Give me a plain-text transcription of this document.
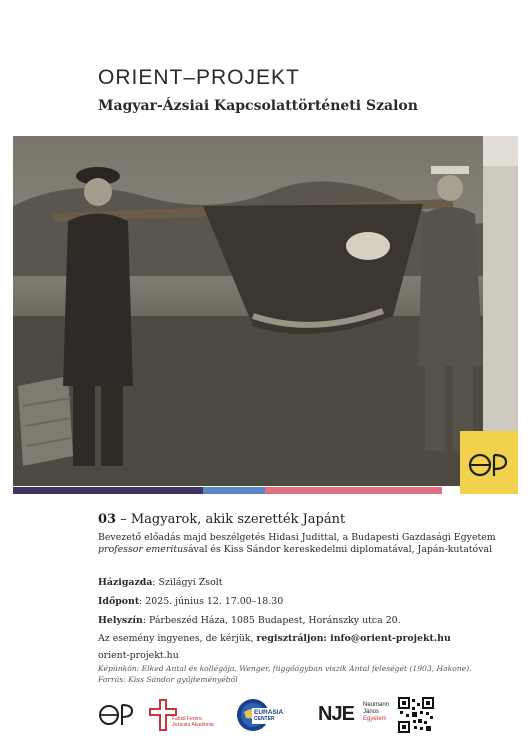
ORIENT–PROJEKT
Magyar-Ázsiai Kapcsolattörténeti Szalon
03 – Magyarok, akik szerették Japánt
Bevezető előadás majd beszélgetés Hidasi Judittal, a Budapesti Gazdasági Egyetem professor emeritusával és Kiss Sándor kereskedelmi diplomatával, Japán-kutatóval
Házigazda: Szilágyi Zsolt
Időpont: 2025. június 12. 17.00–18.30
Helyszín: Párbeszéd Háza, 1085 Budapest, Horánszky utca 20.
Az esemény ingyenes, de kérjük, regisztráljon: info@orient-projekt.hu
orient-projekt.hu
Képünkön: Elked Antal és kollégája, Wenger, függőágyban viszik Antal feleségét (1903, Hakone). Forrás: Kiss Sándor gyűjteményéből
Faludi Ferenc
Jezsuita Akadémia
EURASIA
CENTER	NJE Neumann
János
Egyetem
